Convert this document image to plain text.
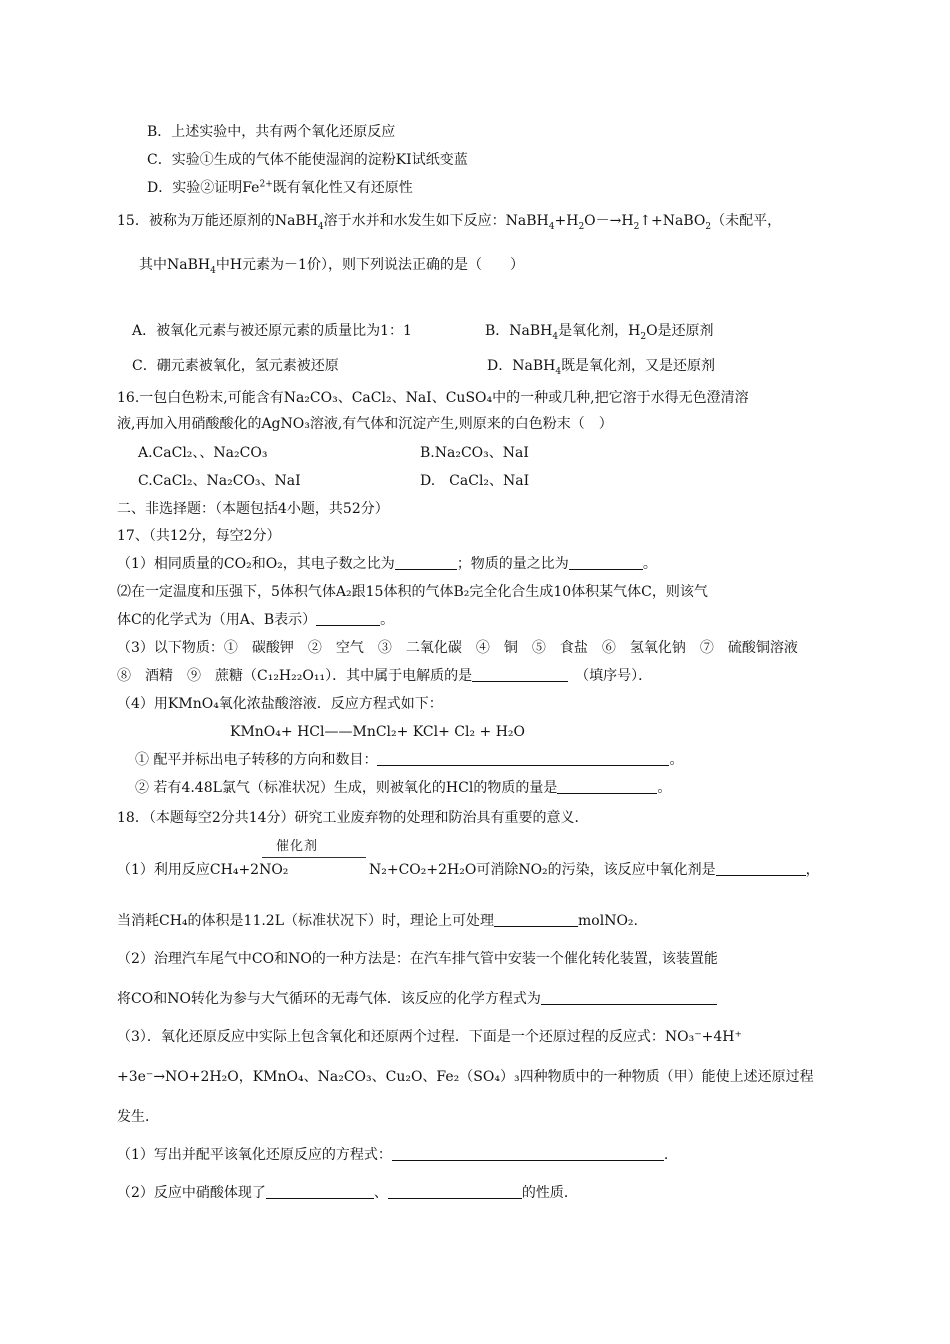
B．上述实验中，共有两个氧化还原反应
C．实验①生成的气体不能使湿润的淀粉KI试纸变蓝
D．实验②证明$Fe^{2+}$既有氧化性又有还原性
15．被称为万能还原剂的NaBH$_4$溶于水并和水发生如下反应：$NaBH_4+H_2O-\to H_2↑+NaBO_2$（未配平，
其中NaBH$_4$中H元素为－1价），则下列说法正确的是（　　）
A．被氧化元素与被还原元素的质量比为1：1	B．NaBH$_4$是氧化剂，$H_2O$是还原剂
C．硼元素被氧化，氢元素被还原	D．NaBH$_4$既是氧化剂，又是还原剂
16.一包白色粉末,可能含有Na₂CO₃、CaCl₂、NaI、CuSO₄中的一种或几种,把它溶于水得无色澄清溶
液,再加入用硝酸酸化的AgNO₃溶液,有气体和沉淀产生,则原来的白色粉末（　）
A.CaCl₂、、Na₂CO₃	B.Na₂CO₃、NaI
C.CaCl₂、Na₂CO₃、NaI	D.　CaCl₂、NaI
二、非选择题：（本题包括4小题，共52分）
17、（共12分，每空2分）
（1）相同质量的CO₂和O₂，其电子数之比为	；物质的量之比为	。
⑵在一定温度和压强下，5体积气体A₂跟15体积的气体B₂完全化合生成10体积某气体C，则该气
体C的化学式为（用A、B表示）	。
（3）以下物质：①　碳酸钾　②　空气　③　二氧化碳　④　铜　⑤　食盐　⑥　氢氧化钠　⑦　硫酸铜溶液
⑧　酒精　⑨　蔗糖（C₁₂H₂₂O₁₁）．其中属于电解质的是　	（填序号）．
（4）用KMnO₄氧化浓盐酸溶液．反应方程式如下：
KMnO₄+ HCl——MnCl₂+ KCl+ Cl₂ + H₂O
① 配平并标出电子转移的方向和数目：	。
② 若有4.48L氯气（标准状况）生成，则被氧化的HCl的物质的量是	。
18．（本题每空2分共14分）研究工业废弃物的处理和防治具有重要的意义．
催化剂
（1）利用反应CH₄+2NO₂	N₂+CO₂+2H₂O可消除NO₂的污染，该反应中氧化剂是	，
当消耗CH₄的体积是11.2L（标准状况下）时，理论上可处理	molNO₂.
（2）治理汽车尾气中CO和NO的一种方法是：在汽车排气管中安装一个催化转化装置，该装置能
将CO和NO转化为参与大气循环的无毒气体．该反应的化学方程式为
（3）．氧化还原反应中实际上包含氧化和还原两个过程．下面是一个还原过程的反应式：NO₃⁻+4H⁺
+3e⁻→NO+2H₂O，KMnO₄、Na₂CO₃、Cu₂O、Fe₂（SO₄）₃四种物质中的一种物质（甲）能使上述还原过程
发生．
（1）写出并配平该氧化还原反应的方程式：	.
（2）反应中硝酸体现了	、	的性质．
